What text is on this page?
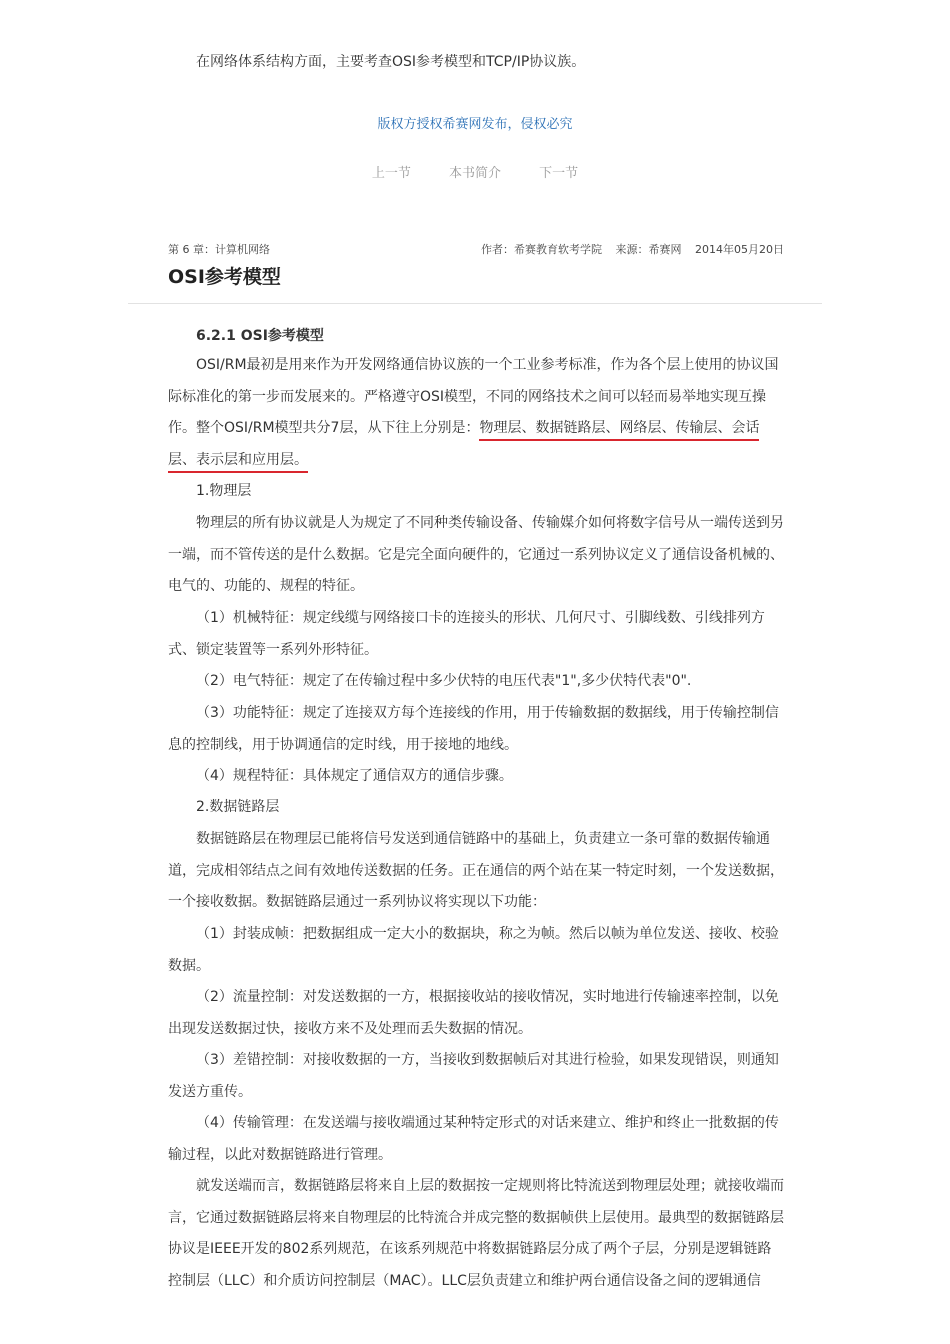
在网络体系结构方面，主要考查OSI参考模型和TCP/IP协议族。

版权方授权希赛网发布，侵权必究
上一节	本书简介	下一节
第 6 章：计算机网络	作者：希赛教育软考学院 来源：希赛网 2014年05月20日
OSI参考模型
6.2.1 OSI参考模型

OSI/RM最初是用来作为开发网络通信协议族的一个工业参考标准，作为各个层上使用的协议国际标准化的第一步而发展来的。严格遵守OSI模型，不同的网络技术之间可以轻而易举地实现互操作。整个OSI/RM模型共分7层，从下往上分别是：物理层、数据链路层、网络层、传输层、会话层、表示层和应用层。

1.物理层

物理层的所有协议就是人为规定了不同种类传输设备、传输媒介如何将数字信号从一端传送到另一端，而不管传送的是什么数据。它是完全面向硬件的，它通过一系列协议定义了通信设备机械的、电气的、功能的、规程的特征。

（1）机械特征：规定线缆与网络接口卡的连接头的形状、几何尺寸、引脚线数、引线排列方式、锁定装置等一系列外形特征。

（2）电气特征：规定了在传输过程中多少伏特的电压代表"1",多少伏特代表"0".

（3）功能特征：规定了连接双方每个连接线的作用，用于传输数据的数据线，用于传输控制信息的控制线，用于协调通信的定时线，用于接地的地线。

（4）规程特征：具体规定了通信双方的通信步骤。

2.数据链路层

数据链路层在物理层已能将信号发送到通信链路中的基础上，负责建立一条可靠的数据传输通道，完成相邻结点之间有效地传送数据的任务。正在通信的两个站在某一特定时刻，一个发送数据，一个接收数据。数据链路层通过一系列协议将实现以下功能：

（1）封装成帧：把数据组成一定大小的数据块，称之为帧。然后以帧为单位发送、接收、校验数据。

（2）流量控制：对发送数据的一方，根据接收站的接收情况，实时地进行传输速率控制，以免出现发送数据过快，接收方来不及处理而丢失数据的情况。

（3）差错控制：对接收数据的一方，当接收到数据帧后对其进行检验，如果发现错误，则通知发送方重传。

（4）传输管理：在发送端与接收端通过某种特定形式的对话来建立、维护和终止一批数据的传输过程，以此对数据链路进行管理。

就发送端而言，数据链路层将来自上层的数据按一定规则将比特流送到物理层处理；就接收端而言，它通过数据链路层将来自物理层的比特流合并成完整的数据帧供上层使用。最典型的数据链路层协议是IEEE开发的802系列规范，在该系列规范中将数据链路层分成了两个子层，分别是逻辑链路控制层（LLC）和介质访问控制层（MAC）。LLC层负责建立和维护两台通信设备之间的逻辑通信
